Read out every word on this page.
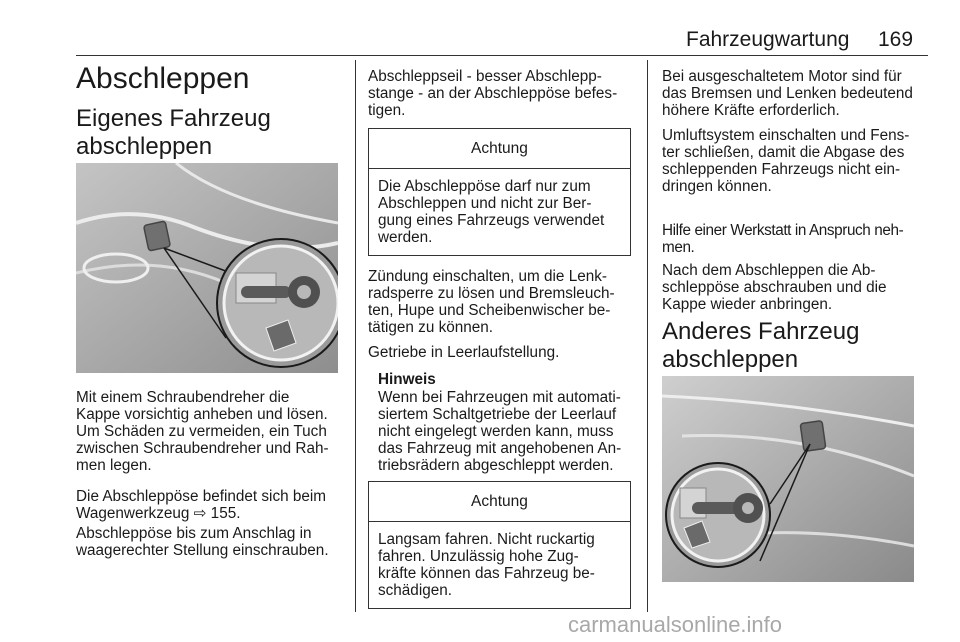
Fahrzeugwartung 169
Abschleppen
Eigenes Fahrzeug
abschleppen
Mit einem Schraubendreher die
Kappe vorsichtig anheben und lösen.
Um Schäden zu vermeiden, ein Tuch
zwischen Schraubendreher und Rah-
men legen.
Die Abschleppöse befindet sich beim
Wagenwerkzeug ⇨ 155.
Abschleppöse bis zum Anschlag in
waagerechter Stellung einschrauben.
Abschleppseil - besser Abschlepp-
stange - an der Abschleppöse befes-
tigen.
Achtung
Die Abschleppöse darf nur zum
Abschleppen und nicht zur Ber-
gung eines Fahrzeugs verwendet
werden.
Zündung einschalten, um die Lenk-
radsperre zu lösen und Bremsleuch-
ten, Hupe und Scheibenwischer be-
tätigen zu können.
Getriebe in Leerlaufstellung.
Hinweis
Wenn bei Fahrzeugen mit automati-
siertem Schaltgetriebe der Leerlauf
nicht eingelegt werden kann, muss
das Fahrzeug mit angehobenen An-
triebsrädern abgeschleppt werden.
Achtung
Langsam fahren. Nicht ruckartig
fahren. Unzulässig hohe Zug-
kräfte können das Fahrzeug be-
schädigen.
Bei ausgeschaltetem Motor sind für
das Bremsen und Lenken bedeutend
höhere Kräfte erforderlich.
Umluftsystem einschalten und Fens-
ter schließen, damit die Abgase des
schleppenden Fahrzeugs nicht ein-
dringen können.
Hilfe einer Werkstatt in Anspruch neh-
men.
Nach dem Abschleppen die Ab-
schleppöse abschrauben und die
Kappe wieder anbringen.
Anderes Fahrzeug
abschleppen
carmanualsonline.info
